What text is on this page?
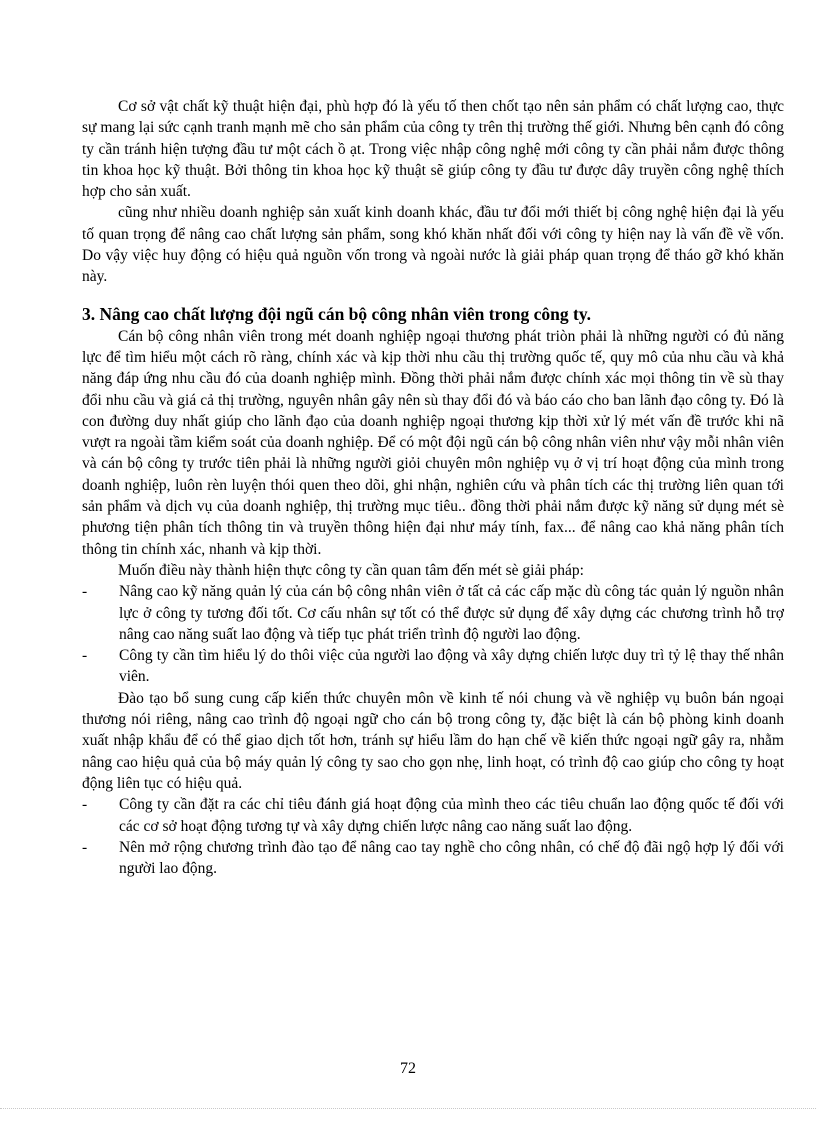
Cơ sở vật chất kỹ thuật hiện đại, phù hợp đó là yếu tố then chốt tạo nên sản phẩm có chất lượng cao, thực sự mang lại sức cạnh tranh mạnh mẽ cho sản phẩm của công ty trên thị trường thế giới. Nhưng bên cạnh đó công ty cần tránh hiện tượng đầu tư một cách ồ ạt. Trong việc nhập công nghệ mới công ty cần phải nắm được thông tin khoa học kỹ thuật. Bởi thông tin khoa học kỹ thuật sẽ giúp công ty đầu tư được dây truyền công nghệ thích hợp cho sản xuất.

cũng như nhiều doanh nghiệp sản xuất kinh doanh khác, đầu tư đổi mới thiết bị công nghệ hiện đại là yếu tố quan trọng để nâng cao chất lượng sản phẩm, song khó khăn nhất đối với công ty hiện nay là vấn đề về vốn. Do vậy việc huy động có hiệu quả nguồn vốn trong và ngoài nước là giải pháp quan trọng để tháo gỡ khó khăn này.

3. Nâng cao chất lượng đội ngũ cán bộ công nhân viên trong công ty.

Cán bộ công nhân viên trong mét doanh nghiệp ngoại thương phát triòn phải là những người có đủ năng lực để tìm hiểu một cách rõ ràng, chính xác và kịp thời nhu cầu thị trường quốc tế, quy mô của nhu cầu và khả năng đáp ứng nhu cầu đó của doanh nghiệp mình. Đồng thời phải nắm được chính xác mọi thông tin về sù thay đổi nhu cầu và giá cả thị trường, nguyên nhân gây nên sù thay đổi đó và báo cáo cho ban lãnh đạo công ty. Đó là con đường duy nhất giúp cho lãnh đạo của doanh nghiệp ngoại thương kịp thời xử lý mét vấn đề trước khi nã vượt ra ngoài tầm kiểm soát của doanh nghiệp. Để có một đội ngũ cán bộ công nhân viên như vậy mỗi nhân viên và cán bộ công ty trước tiên phải là những người giỏi chuyên môn nghiệp vụ ở vị trí hoạt động của mình trong doanh nghiệp, luôn rèn luyện thói quen theo dõi, ghi nhận, nghiên cứu và phân tích các thị trường liên quan tới sản phẩm và dịch vụ của doanh nghiệp, thị trường mục tiêu.. đồng thời phải nắm được kỹ năng sử dụng mét sè phương tiện phân tích thông tin và truyền thông hiện đại như máy tính, fax... để nâng cao khả năng phân tích thông tin chính xác, nhanh và kịp thời.

Muốn điều này thành hiện thực công ty cần quan tâm đến mét sè giải pháp:

-	Nâng cao kỹ năng quản lý của cán bộ công nhân viên ở tất cả các cấp mặc dù công tác quản lý nguồn nhân lực ở công ty tương đối tốt. Cơ cấu nhân sự tốt có thể được sử dụng để xây dựng các chương trình hỗ trợ nâng cao năng suất lao động và tiếp tục phát triển trình độ người lao động.
-	Công ty cần tìm hiểu lý do thôi việc của người lao động và xây dựng chiến lược duy trì tỷ lệ thay thế nhân viên.

Đào tạo bổ sung cung cấp kiến thức chuyên môn về kinh tế nói chung và về nghiệp vụ buôn bán ngoại thương nói riêng, nâng cao trình độ ngoại ngữ cho cán bộ trong công ty, đặc biệt là cán bộ phòng kinh doanh xuất nhập khẩu để có thể giao dịch tốt hơn, tránh sự hiểu lầm do hạn chế về kiến thức ngoại ngữ gây ra, nhằm nâng cao hiệu quả của bộ máy quản lý công ty sao cho gọn nhẹ, linh hoạt, có trình độ cao giúp cho công ty hoạt động liên tục có hiệu quả.

-	Công ty cần đặt ra các chỉ tiêu đánh giá hoạt động của mình theo các tiêu chuẩn lao động quốc tế đối với các cơ sở hoạt động tương tự và xây dựng chiến lược nâng cao năng suất lao động.
-	Nên mở rộng chương trình đào tạo để nâng cao tay nghề cho công nhân, có chế độ đãi ngộ hợp lý đối với người lao động.
72
